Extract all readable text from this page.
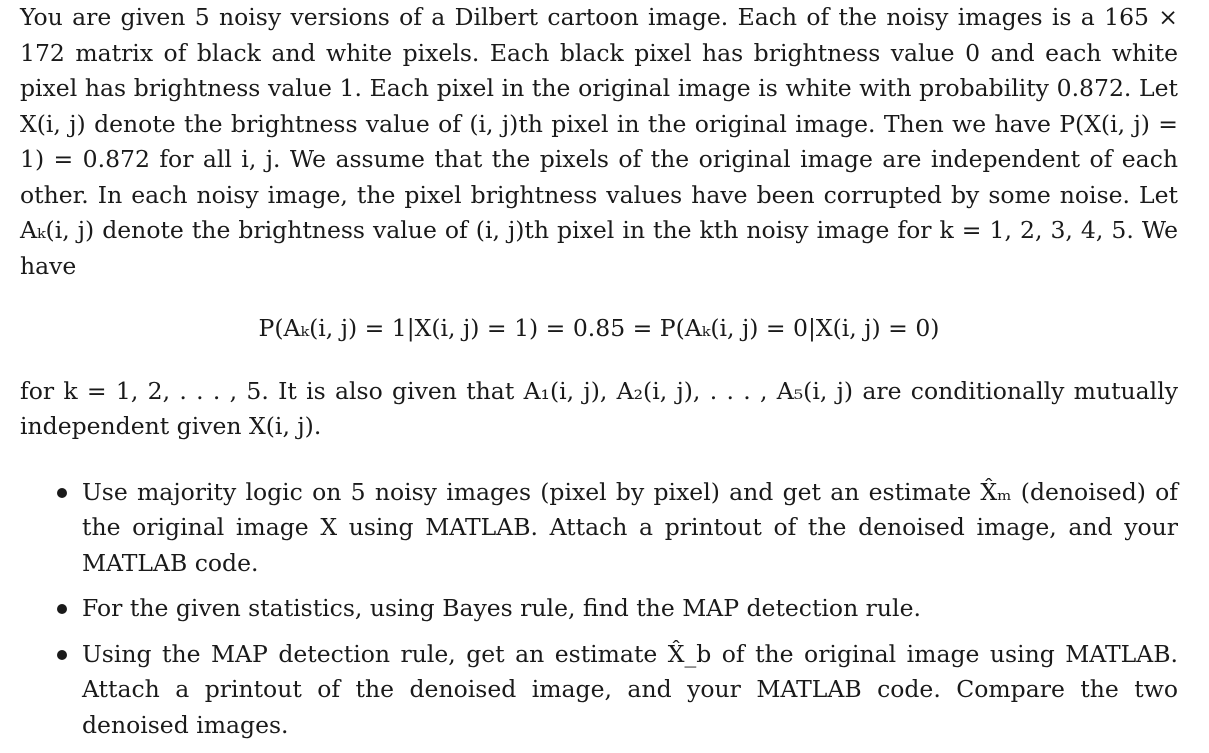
You are given 5 noisy versions of a Dilbert cartoon image. Each of the noisy images is a 165 × 172 matrix of black and white pixels. Each black pixel has brightness value 0 and each white pixel has brightness value 1. Each pixel in the original image is white with probability 0.872. Let X(i, j) denote the brightness value of (i, j)th pixel in the original image. Then we have P(X(i, j) = 1) = 0.872 for all i, j. We assume that the pixels of the original image are independent of each other. In each noisy image, the pixel brightness values have been corrupted by some noise. Let Aₖ(i, j) denote the brightness value of (i, j)th pixel in the kth noisy image for k = 1, 2, 3, 4, 5. We have

P(Aₖ(i, j) = 1|X(i, j) = 1) = 0.85 = P(Aₖ(i, j) = 0|X(i, j) = 0)

for k = 1, 2, . . . , 5. It is also given that A₁(i, j), A₂(i, j), . . . , A₅(i, j) are conditionally mutually independent given X(i, j).

Use majority logic on 5 noisy images (pixel by pixel) and get an estimate X̂ₘ (denoised) of the original image X using MATLAB. Attach a printout of the denoised image, and your MATLAB code.
For the given statistics, using Bayes rule, find the MAP detection rule.
Using the MAP detection rule, get an estimate X̂_b of the original image using MATLAB. Attach a printout of the denoised image, and your MATLAB code. Compare the two denoised images.
